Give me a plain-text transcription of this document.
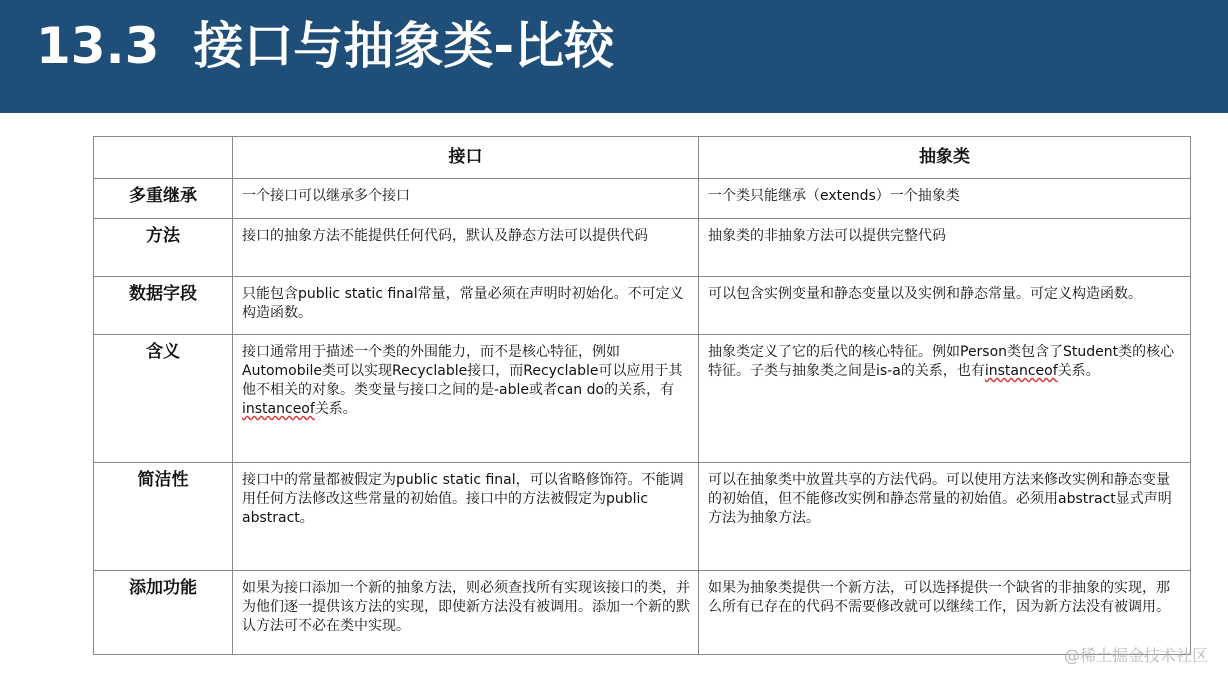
13.3 接口与抽象类-比较
	接口	抽象类
多重继承	一个接口可以继承多个接口	一个类只能继承（extends）一个抽象类
方法	接口的抽象方法不能提供任何代码，默认及静态方法可以提供代码	抽象类的非抽象方法可以提供完整代码
数据字段	只能包含public static final常量，常量必须在声明时初始化。不可定义构造函数。	可以包含实例变量和静态变量以及实例和静态常量。可定义构造函数。
含义	接口通常用于描述一个类的外围能力，而不是核心特征，例如Automobile类可以实现Recyclable接口，而Recyclable可以应用于其他不相关的对象。类变量与接口之间的是-able或者can do的关系，有instanceof关系。	抽象类定义了它的后代的核心特征。例如Person类包含了Student类的核心特征。子类与抽象类之间是is-a的关系，也有instanceof关系。
简洁性	接口中的常量都被假定为public static final，可以省略修饰符。不能调用任何方法修改这些常量的初始值。接口中的方法被假定为public abstract。	可以在抽象类中放置共享的方法代码。可以使用方法来修改实例和静态变量的初始值，但不能修改实例和静态常量的初始值。必须用abstract显式声明方法为抽象方法。
添加功能	如果为接口添加一个新的抽象方法，则必须查找所有实现该接口的类，并为他们逐一提供该方法的实现，即使新方法没有被调用。添加一个新的默认方法可不必在类中实现。	如果为抽象类提供一个新方法，可以选择提供一个缺省的非抽象的实现，那么所有已存在的代码不需要修改就可以继续工作，因为新方法没有被调用。
@稀土掘金技术社区
